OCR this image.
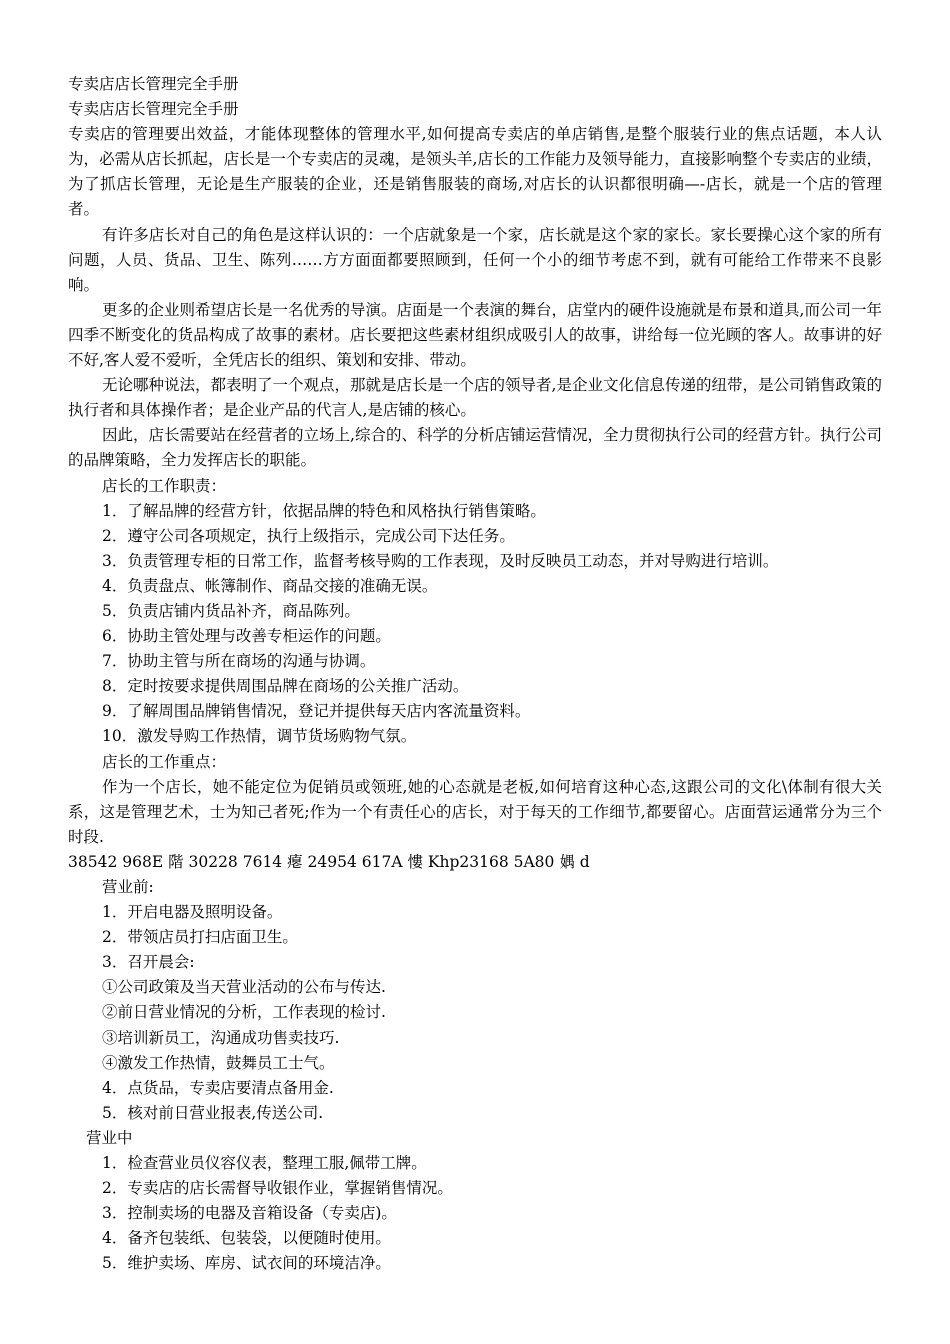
专卖店店长管理完全手册

专卖店店长管理完全手册

专卖店的管理要出效益，才能体现整体的管理水平,如何提高专卖店的单店销售,是整个服装行业的焦点话题，本人认为，必需从店长抓起，店长是一个专卖店的灵魂，是领头羊,店长的工作能力及领导能力，直接影响整个专卖店的业绩，为了抓店长管理，无论是生产服装的企业，还是销售服装的商场,对店长的认识都很明确—-店长，就是一个店的管理者。

有许多店长对自己的角色是这样认识的：一个店就象是一个家，店长就是这个家的家长。家长要操心这个家的所有问题，人员、货品、卫生、陈列……方方面面都要照顾到，任何一个小的细节考虑不到，就有可能给工作带来不良影响。

更多的企业则希望店长是一名优秀的导演。店面是一个表演的舞台，店堂内的硬件设施就是布景和道具,而公司一年四季不断变化的货品构成了故事的素材。店长要把这些素材组织成吸引人的故事，讲给每一位光顾的客人。故事讲的好不好,客人爱不爱听，全凭店长的组织、策划和安排、带动。

无论哪种说法，都表明了一个观点，那就是店长是一个店的领导者,是企业文化信息传递的纽带，是公司销售政策的执行者和具体操作者；是企业产品的代言人,是店铺的核心。

因此，店长需要站在经营者的立场上,综合的、科学的分析店铺运营情况，全力贯彻执行公司的经营方针。执行公司的品牌策略，全力发挥店长的职能。

店长的工作职责：

1．了解品牌的经营方针，依据品牌的特色和风格执行销售策略。

2．遵守公司各项规定，执行上级指示，完成公司下达任务。

3．负责管理专柜的日常工作，监督考核导购的工作表现，及时反映员工动态，并对导购进行培训。

4．负责盘点、帐簿制作、商品交接的准确无误。

5．负责店铺内货品补齐，商品陈列。

6．协助主管处理与改善专柜运作的问题。

7．协助主管与所在商场的沟通与协调。

8．定时按要求提供周围品牌在商场的公关推广活动。

9．了解周围品牌销售情况，登记并提供每天店内客流量资料。

10．激发导购工作热情，调节货场购物气氛。

店长的工作重点：

作为一个店长，她不能定位为促销员或领班,她的心态就是老板,如何培育这种心态,这跟公司的文化\体制有很大关系，这是管理艺术，士为知己者死;作为一个有责任心的店长，对于每天的工作细节,都要留心。店面营运通常分为三个时段.

38542 968E 階 30228 7614 瘪 24954 617A 慺 Khp23168 5A80 媀 d

营业前:

1．开启电器及照明设备。

2．带领店员打扫店面卫生。

3．召开晨会:

①公司政策及当天营业活动的公布与传达.

②前日营业情况的分析，工作表现的检讨.

③培训新员工，沟通成功售卖技巧.

④激发工作热情，鼓舞员工士气。

4．点货品，专卖店要清点备用金.

5．核对前日营业报表,传送公司.

营业中

1．检查营业员仪容仪表，整理工服,佩带工牌。

2．专卖店的店长需督导收银作业，掌握销售情况。

3．控制卖场的电器及音箱设备（专卖店)。

4．备齐包装纸、包装袋，以便随时使用。

5．维护卖场、库房、试衣间的环境洁净。
